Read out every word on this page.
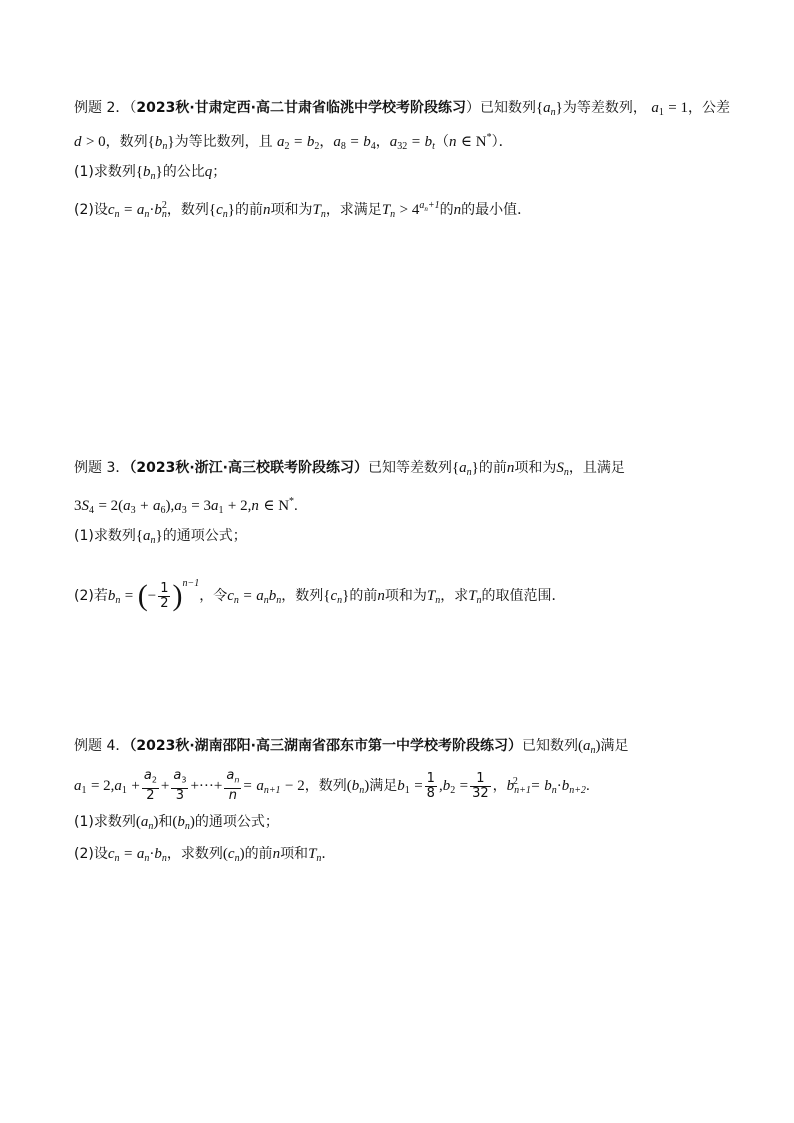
例题 2．（2023秋·甘肃定西·高二甘肃省临洮中学校考阶段练习）已知数列$\{a_n\}$为等差数列， $a_1 = 1$，公差
d > 0，数列$\{b_n\}$为等比数列，且 $a_2 = b_2$，$a_8 = b_4$，$a_{32} = b_t(n$ ∈ N*）．
(1)求数列$\{b_n\}$的公比q；
(2)设$c_n = a_n\cdot b_n^2$，数列$\{c_n\}$的前n项和为$T_n$，求满足$T_n > 4^{a_n+1}$的n的最小值．
例题 3．（2023秋·浙江·高三校联考阶段练习）已知等差数列$\{a_n\}$的前n项和为$S_n$，且满足
$3S_4 = 2(a_3 + a_6),a_3 = 3a_1 + 2,n$ ∈ N*.
(1)求数列$\{a_n\}$的通项公式；
(2)若$b_n$ = (− $\frac{1}{2} )^{n-1}$，令$c_n = a_nb_n$，数列$\{c_n\}$的前n项和为$T_n$，求$T_n$的取值范围．
例题 4．（2023秋·湖南邵阳·高三湖南省邵东市第一中学校考阶段练习）已知数列$(a_n)$满足
$a_1 = 2,a_1 + \frac{a_2}{2} + \frac{a_3}{3}$ +···+ $\frac{a_n}{n} = a_{n+1} - 2$，数列$(b_n)$满足$b_1 = \frac{1}{8} ,b_2 = \frac{1}{32}$ ，$b_{n+1}^2 = b_n\cdot b_{n+2}$.
(1)求数列$(a_n)$和$(b_n)$的通项公式；
(2)设$c_n = a_n\cdot b_n$，求数列$(c_n)$的前n项和$T_n$．
